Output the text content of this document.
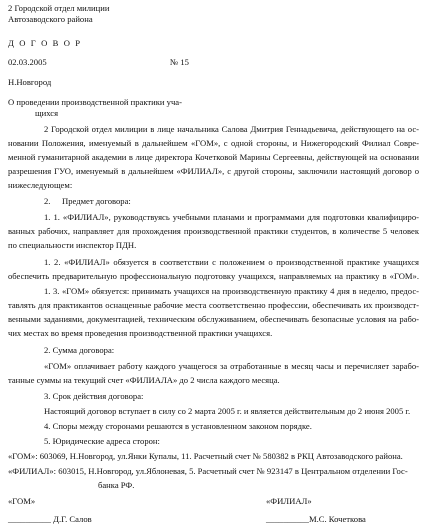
2 Городской отдел милиции
Автозаводского района
Д О Г О В О Р
02.03.2005	№ 15
Н.Новгород
О проведении производственной практики уча-
щихся
2 Городской отдел милиции в лице начальника Салова Дмитрия Геннадьевича, действующего на ос-
новании Положения, именуемый в дальнейшем «ГОМ», с одной стороны, и Нижегородский Филиал Совре-
менной гуманитарной академии в лице директора Кочетковой Марины Сергеевны, действующей на основании
разрешения ГУО, именуемый в дальнейшем «ФИЛИАЛ», с другой стороны, заключили настоящий договор о
нижеследующем:
2. Предмет договора:
1. 1. «ФИЛИАЛ», руководствуясь учебными планами и программами для подготовки квалифициро-
ванных рабочих, направляет для прохождения производственной практики студентов, в количестве 5 человек
по специальности инспектор ПДН.
1. 2. «ФИЛИАЛ» обязуется в соответствии с положением о производственной практике учащихся
обеспечить предварительную профессиональную подготовку учащихся, направляемых на практику в «ГОМ».
1. 3. «ГОМ» обязуется: принимать учащихся на производственную практику 4 дня в неделю, предос-
тавлять для практикантов оснащенные рабочие места соответственно профессии, обеспечивать их производст-
венными заданиями, документацией, техническим обслуживанием, обеспечивать безопасные условия на рабо-
чих местах во время проведения производственной практики учащихся.
2. Сумма договора:
«ГОМ» оплачивает работу каждого учащегося за отработанные в месяц часы и перечисляет зарабо-
танные суммы на текущий счет «ФИЛИАЛА» до 2 числа каждого месяца.
3. Срок действия договора:
Настоящий договор вступает в силу со 2 марта 2005 г. и является действительным до 2 июня 2005 г.
4. Споры между сторонами решаются в установленном законом порядке.
5. Юридические адреса сторон:
«ГОМ»: 603069, Н.Новгород, ул.Янки Купалы, 11. Расчетный счет № 580382 в РКЦ Автозаводского района.
«ФИЛИАЛ»: 603015, Н.Новгород, ул.Яблоневая, 5. Расчетный счет № 923147 в Центральном отделении Гос-
банка РФ.
«ГОМ»	«ФИЛИАЛ»
__________ Д.Г. Салов	__________М.С. Кочеткова
